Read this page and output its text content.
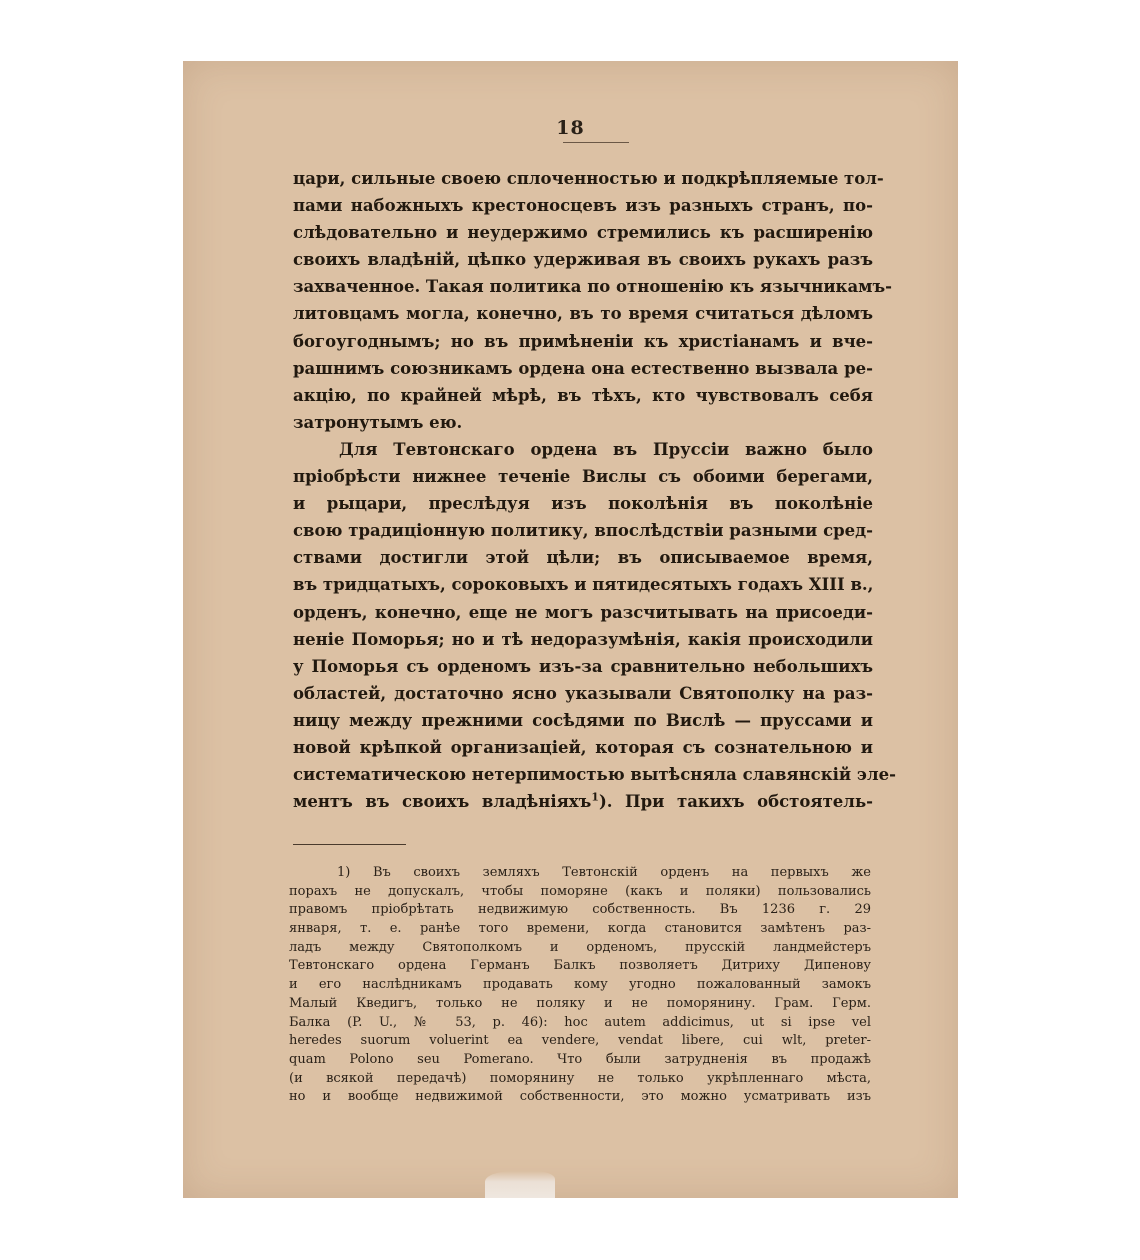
18
цари, сильные своею сплоченностью и подкрѣпляемые тол-
пами набожныхъ крестоносцевъ изъ разныхъ странъ, по-
слѣдовательно и неудержимо стремились къ расширенію
своихъ владѣній, цѣпко удерживая въ своихъ рукахъ разъ
захваченное. Такая политика по отношенію къ язычникамъ-
литовцамъ могла, конечно, въ то время считаться дѣломъ
богоугоднымъ; но въ примѣненіи къ христіанамъ и вче-
рашнимъ союзникамъ ордена она естественно вызвала ре-
акцію, по крайней мѣрѣ, въ тѣхъ, кто чувствовалъ себя
затронутымъ ею.
Для Тевтонскаго ордена въ Пруссіи важно было
пріобрѣсти нижнее теченіе Вислы съ обоими берегами,
и рыцари, преслѣдуя изъ поколѣнія въ поколѣніе
свою традиціонную политику, впослѣдствіи разными сред-
ствами достигли этой цѣли; въ описываемое время,
въ тридцатыхъ, сороковыхъ и пятидесятыхъ годахъ XIII в.,
орденъ, конечно, еще не могъ разсчитывать на присоеди-
неніе Поморья; но и тѣ недоразумѣнія, какія происходили
у Поморья съ орденомъ изъ-за сравнительно небольшихъ
областей, достаточно ясно указывали Святополку на раз-
ницу между прежними сосѣдями по Вислѣ — пруссами и
новой крѣпкой организаціей, которая съ сознательною и
систематическою нетерпимостью вытѣсняла славянскій эле-
ментъ въ своихъ владѣніяхъ$^1$). При такихъ обстоятель-
1) Въ своихъ земляхъ Тевтонскій орденъ на первыхъ же
порахъ не допускалъ, чтобы поморяне (какъ и поляки) пользовались
правомъ пріобрѣтать недвижимую собственность. Въ 1236 г. 29
января, т. е. ранѣе того времени, когда становится замѣтенъ раз-
ладъ между Святополкомъ и орденомъ, прусскій ландмейстеръ
Тевтонскаго ордена Германъ Балкъ позволяетъ Дитриху Дипенову
и его наслѣдникамъ продавать кому угодно пожалованный замокъ
Малый Кведигъ, только не поляку и не поморянину. Грам. Герм.
Балка (P. U., № 53, p. 46): hoc autem addicimus, ut si ipse vel
heredes suorum voluerint ea vendere, vendat libere, cui wlt, preter-
quam Polono seu Pomerano. Что были затрудненія въ продажѣ
(и всякой передачѣ) поморянину не только укрѣпленнаго мѣста,
но и вообще недвижимой собственности, это можно усматривать изъ
